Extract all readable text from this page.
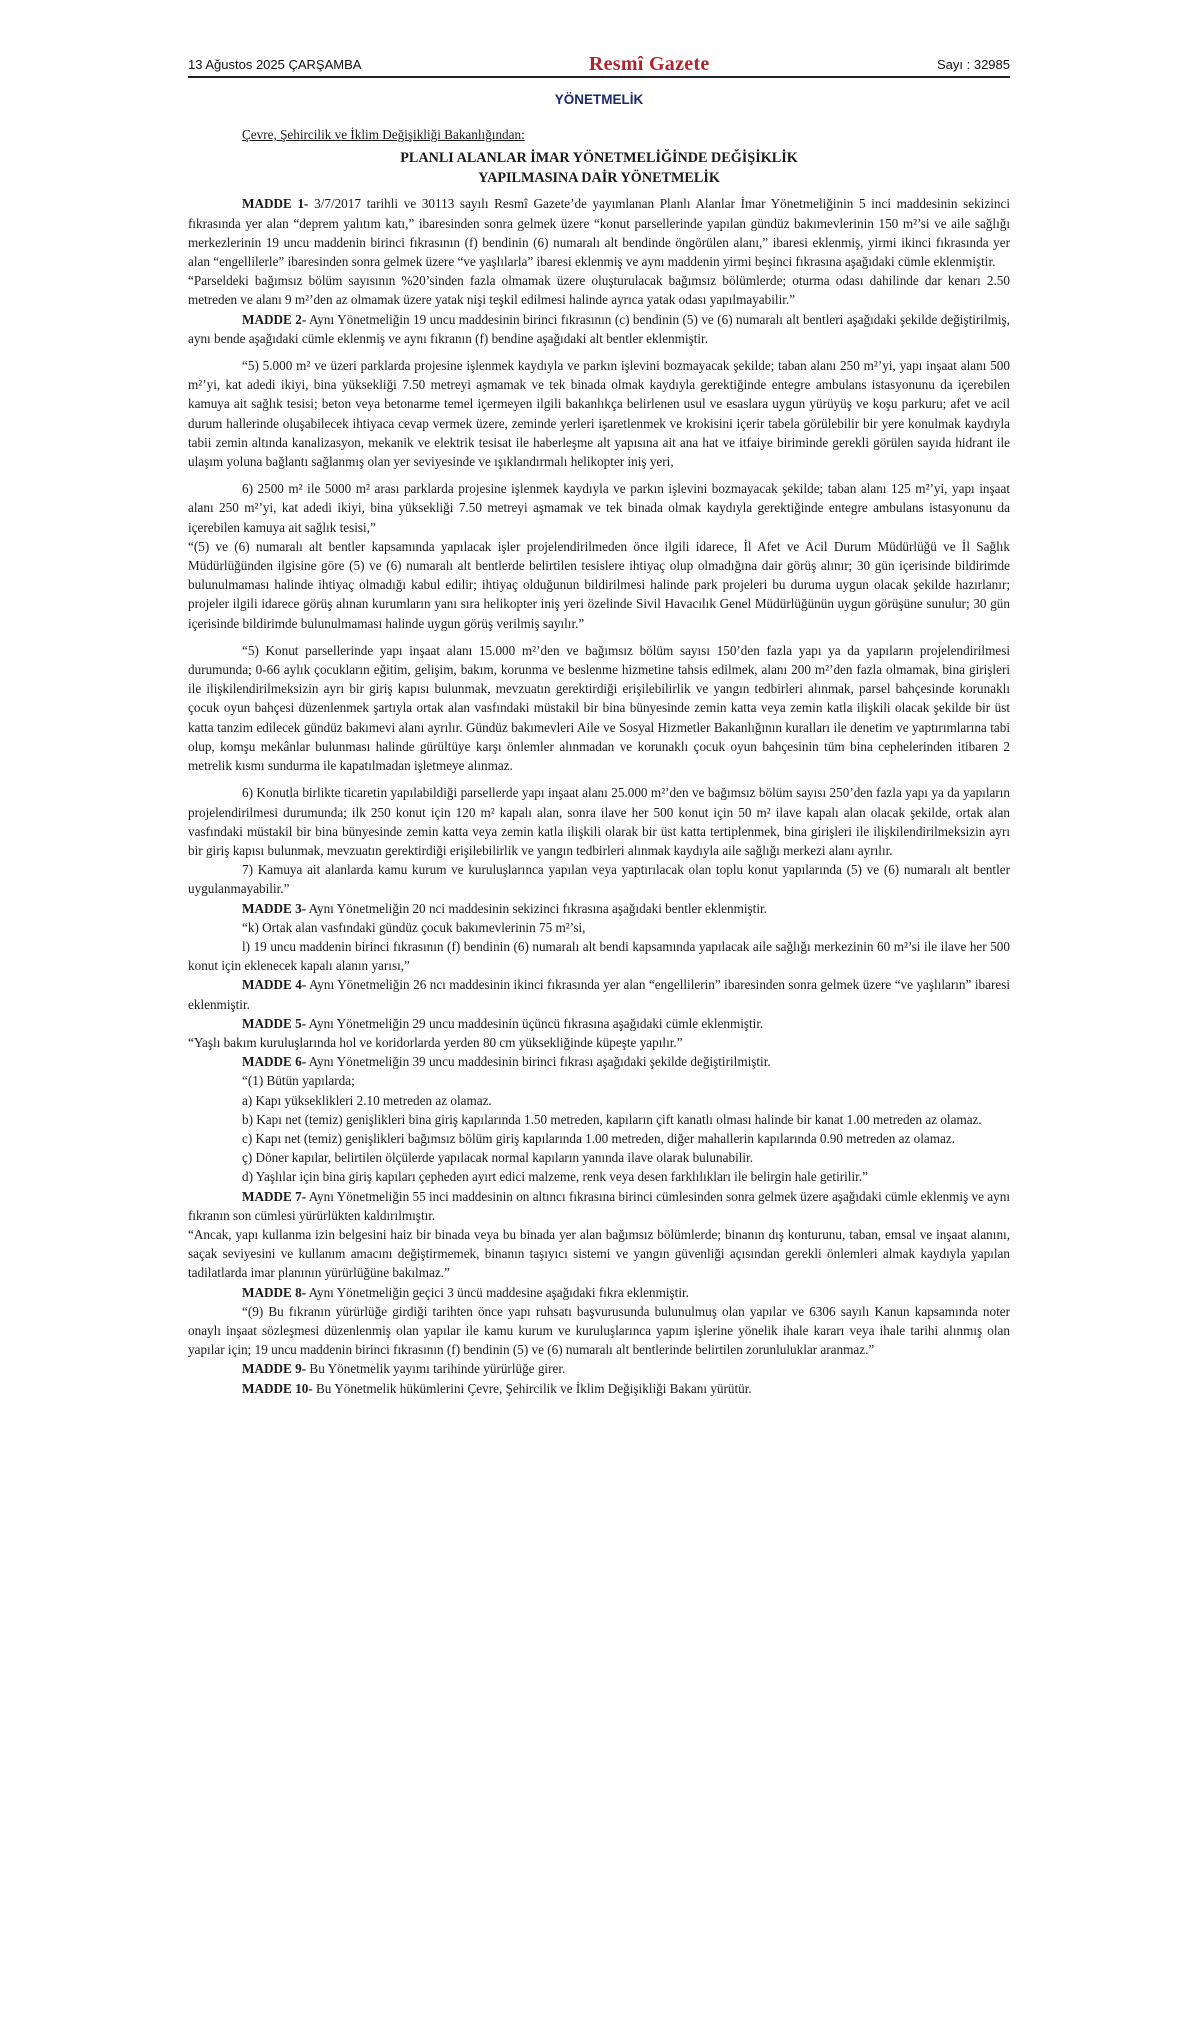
13 Ağustos 2025 ÇARŞAMBA	Resmî Gazete	Sayı : 32985
YÖNETMELİK
Çevre, Şehircilik ve İklim Değişikliği Bakanlığından:
PLANLI ALANLAR İMAR YÖNETMELİĞİNDE DEĞİŞİKLİK
YAPILMASINA DAİR YÖNETMELİK

MADDE 1- 3/7/2017 tarihli ve 30113 sayılı Resmî Gazete’de yayımlanan Planlı Alanlar İmar Yönetmeliğinin 5 inci maddesinin sekizinci fıkrasında yer alan “deprem yalıtım katı,” ibaresinden sonra gelmek üzere “konut parsellerinde yapılan gündüz bakımevlerinin 150 m²’si ve aile sağlığı merkezlerinin 19 uncu maddenin birinci fıkrasının (f) bendinin (6) numaralı alt bendinde öngörülen alanı,” ibaresi eklenmiş, yirmi ikinci fıkrasında yer alan “engellilerle” ibaresinden sonra gelmek üzere “ve yaşlılarla” ibaresi eklenmiş ve aynı maddenin yirmi beşinci fıkrasına aşağıdaki cümle eklenmiştir.

“Parseldeki bağımsız bölüm sayısının %20’sinden fazla olmamak üzere oluşturulacak bağımsız bölümlerde; oturma odası dahilinde dar kenarı 2.50 metreden ve alanı 9 m²’den az olmamak üzere yatak nişi teşkil edilmesi halinde ayrıca yatak odası yapılmayabilir.”

MADDE 2- Aynı Yönetmeliğin 19 uncu maddesinin birinci fıkrasının (c) bendinin (5) ve (6) numaralı alt bentleri aşağıdaki şekilde değiştirilmiş, aynı bende aşağıdaki cümle eklenmiş ve aynı fıkranın (f) bendine aşağıdaki alt bentler eklenmiştir.

“5) 5.000 m² ve üzeri parklarda projesine işlenmek kaydıyla ve parkın işlevini bozmayacak şekilde; taban alanı 250 m²’yi, yapı inşaat alanı 500 m²’yi, kat adedi ikiyi, bina yüksekliği 7.50 metreyi aşmamak ve tek binada olmak kaydıyla gerektiğinde entegre ambulans istasyonunu da içerebilen kamuya ait sağlık tesisi; beton veya betonarme temel içermeyen ilgili bakanlıkça belirlenen usul ve esaslara uygun yürüyüş ve koşu parkuru; afet ve acil durum hallerinde oluşabilecek ihtiyaca cevap vermek üzere, zeminde yerleri işaretlenmek ve krokisini içerir tabela görülebilir bir yere konulmak kaydıyla tabii zemin altında kanalizasyon, mekanik ve elektrik tesisat ile haberleşme alt yapısına ait ana hat ve itfaiye biriminde gerekli görülen sayıda hidrant ile ulaşım yoluna bağlantı sağlanmış olan yer seviyesinde ve ışıklandırmalı helikopter iniş yeri,

6) 2500 m² ile 5000 m² arası parklarda projesine işlenmek kaydıyla ve parkın işlevini bozmayacak şekilde; taban alanı 125 m²’yi, yapı inşaat alanı 250 m²’yi, kat adedi ikiyi, bina yüksekliği 7.50 metreyi aşmamak ve tek binada olmak kaydıyla gerektiğinde entegre ambulans istasyonunu da içerebilen kamuya ait sağlık tesisi,”

“(5) ve (6) numaralı alt bentler kapsamında yapılacak işler projelendirilmeden önce ilgili idarece, İl Afet ve Acil Durum Müdürlüğü ve İl Sağlık Müdürlüğünden ilgisine göre (5) ve (6) numaralı alt bentlerde belirtilen tesislere ihtiyaç olup olmadığına dair görüş alınır; 30 gün içerisinde bildirimde bulunulmaması halinde ihtiyaç olmadığı kabul edilir; ihtiyaç olduğunun bildirilmesi halinde park projeleri bu duruma uygun olacak şekilde hazırlanır; projeler ilgili idarece görüş alınan kurumların yanı sıra helikopter iniş yeri özelinde Sivil Havacılık Genel Müdürlüğünün uygun görüşüne sunulur; 30 gün içerisinde bildirimde bulunulmaması halinde uygun görüş verilmiş sayılır.”

“5) Konut parsellerinde yapı inşaat alanı 15.000 m²’den ve bağımsız bölüm sayısı 150’den fazla yapı ya da yapıların projelendirilmesi durumunda; 0-66 aylık çocukların eğitim, gelişim, bakım, korunma ve beslenme hizmetine tahsis edilmek, alanı 200 m²’den fazla olmamak, bina girişleri ile ilişkilendirilmeksizin ayrı bir giriş kapısı bulunmak, mevzuatın gerektirdiği erişilebilirlik ve yangın tedbirleri alınmak, parsel bahçesinde korunaklı çocuk oyun bahçesi düzenlenmek şartıyla ortak alan vasfındaki müstakil bir bina bünyesinde zemin katta veya zemin katla ilişkili olacak şekilde bir üst katta tanzim edilecek gündüz bakımevi alanı ayrılır. Gündüz bakımevleri Aile ve Sosyal Hizmetler Bakanlığının kuralları ile denetim ve yaptırımlarına tabi olup, komşu mekânlar bulunması halinde gürültüye karşı önlemler alınmadan ve korunaklı çocuk oyun bahçesinin tüm bina cephelerinden itibaren 2 metrelik kısmı sundurma ile kapatılmadan işletmeye alınmaz.

6) Konutla birlikte ticaretin yapılabildiği parsellerde yapı inşaat alanı 25.000 m²’den ve bağımsız bölüm sayısı 250’den fazla yapı ya da yapıların projelendirilmesi durumunda; ilk 250 konut için 120 m² kapalı alan, sonra ilave her 500 konut için 50 m² ilave kapalı alan olacak şekilde, ortak alan vasfındaki müstakil bir bina bünyesinde zemin katta veya zemin katla ilişkili olarak bir üst katta tertiplenmek, bina girişleri ile ilişkilendirilmeksizin ayrı bir giriş kapısı bulunmak, mevzuatın gerektirdiği erişilebilirlik ve yangın tedbirleri alınmak kaydıyla aile sağlığı merkezi alanı ayrılır.

7) Kamuya ait alanlarda kamu kurum ve kuruluşlarınca yapılan veya yaptırılacak olan toplu konut yapılarında (5) ve (6) numaralı alt bentler uygulanmayabilir.”

MADDE 3- Aynı Yönetmeliğin 20 nci maddesinin sekizinci fıkrasına aşağıdaki bentler eklenmiştir.

“k) Ortak alan vasfındaki gündüz çocuk bakımevlerinin 75 m²’si,

l) 19 uncu maddenin birinci fıkrasının (f) bendinin (6) numaralı alt bendi kapsamında yapılacak aile sağlığı merkezinin 60 m²’si ile ilave her 500 konut için eklenecek kapalı alanın yarısı,”

MADDE 4- Aynı Yönetmeliğin 26 ncı maddesinin ikinci fıkrasında yer alan “engellilerin” ibaresinden sonra gelmek üzere “ve yaşlıların” ibaresi eklenmiştir.

MADDE 5- Aynı Yönetmeliğin 29 uncu maddesinin üçüncü fıkrasına aşağıdaki cümle eklenmiştir.

“Yaşlı bakım kuruluşlarında hol ve koridorlarda yerden 80 cm yüksekliğinde küpeşte yapılır.”

MADDE 6- Aynı Yönetmeliğin 39 uncu maddesinin birinci fıkrası aşağıdaki şekilde değiştirilmiştir.

“(1) Bütün yapılarda;

a) Kapı yükseklikleri 2.10 metreden az olamaz.

b) Kapı net (temiz) genişlikleri bina giriş kapılarında 1.50 metreden, kapıların çift kanatlı olması halinde bir kanat 1.00 metreden az olamaz.

c) Kapı net (temiz) genişlikleri bağımsız bölüm giriş kapılarında 1.00 metreden, diğer mahallerin kapılarında 0.90 metreden az olamaz.

ç) Döner kapılar, belirtilen ölçülerde yapılacak normal kapıların yanında ilave olarak bulunabilir.

d) Yaşlılar için bina giriş kapıları çepheden ayırt edici malzeme, renk veya desen farklılıkları ile belirgin hale getirilir.”

MADDE 7- Aynı Yönetmeliğin 55 inci maddesinin on altıncı fıkrasına birinci cümlesinden sonra gelmek üzere aşağıdaki cümle eklenmiş ve aynı fıkranın son cümlesi yürürlükten kaldırılmıştır.

“Ancak, yapı kullanma izin belgesini haiz bir binada veya bu binada yer alan bağımsız bölümlerde; binanın dış konturunu, taban, emsal ve inşaat alanını, saçak seviyesini ve kullanım amacını değiştirmemek, binanın taşıyıcı sistemi ve yangın güvenliği açısından gerekli önlemleri almak kaydıyla yapılan tadilatlarda imar planının yürürlüğüne bakılmaz.”

MADDE 8- Aynı Yönetmeliğin geçici 3 üncü maddesine aşağıdaki fıkra eklenmiştir.

“(9) Bu fıkranın yürürlüğe girdiği tarihten önce yapı ruhsatı başvurusunda bulunulmuş olan yapılar ve 6306 sayılı Kanun kapsamında noter onaylı inşaat sözleşmesi düzenlenmiş olan yapılar ile kamu kurum ve kuruluşlarınca yapım işlerine yönelik ihale kararı veya ihale tarihi alınmış olan yapılar için; 19 uncu maddenin birinci fıkrasının (f) bendinin (5) ve (6) numaralı alt bentlerinde belirtilen zorunluluklar aranmaz.”

MADDE 9- Bu Yönetmelik yayımı tarihinde yürürlüğe girer.

MADDE 10- Bu Yönetmelik hükümlerini Çevre, Şehircilik ve İklim Değişikliği Bakanı yürütür.
